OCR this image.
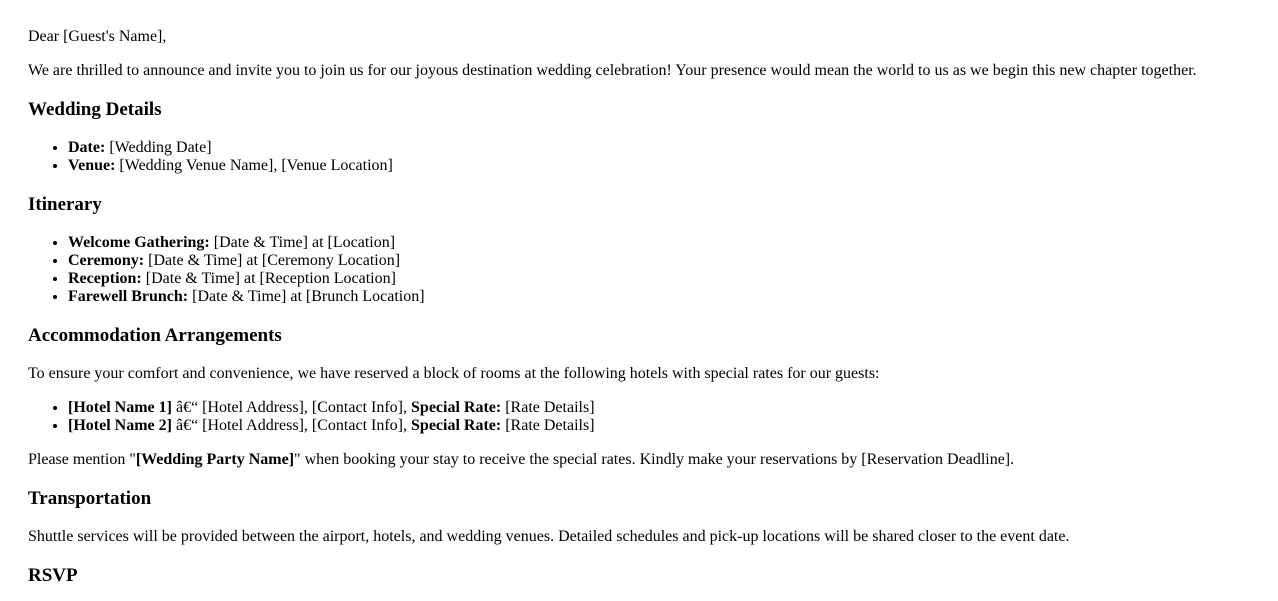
Dear [Guest's Name],

We are thrilled to announce and invite you to join us for our joyous destination wedding celebration! Your presence would mean the world to us as we begin this new chapter together.

Wedding Details
• Date: [Wedding Date]
• Venue: [Wedding Venue Name], [Venue Location]
Itinerary
• Welcome Gathering: [Date & Time] at [Location]
• Ceremony: [Date & Time] at [Ceremony Location]
• Reception: [Date & Time] at [Reception Location]
• Farewell Brunch: [Date & Time] at [Brunch Location]
Accommodation Arrangements

To ensure your comfort and convenience, we have reserved a block of rooms at the following hotels with special rates for our guests:

• [Hotel Name 1] â€“ [Hotel Address], [Contact Info], Special Rate: [Rate Details]
• [Hotel Name 2] â€“ [Hotel Address], [Contact Info], Special Rate: [Rate Details]

Please mention "[Wedding Party Name]" when booking your stay to receive the special rates. Kindly make your reservations by [Reservation Deadline].

Transportation

Shuttle services will be provided between the airport, hotels, and wedding venues. Detailed schedules and pick-up locations will be shared closer to the event date.

RSVP
